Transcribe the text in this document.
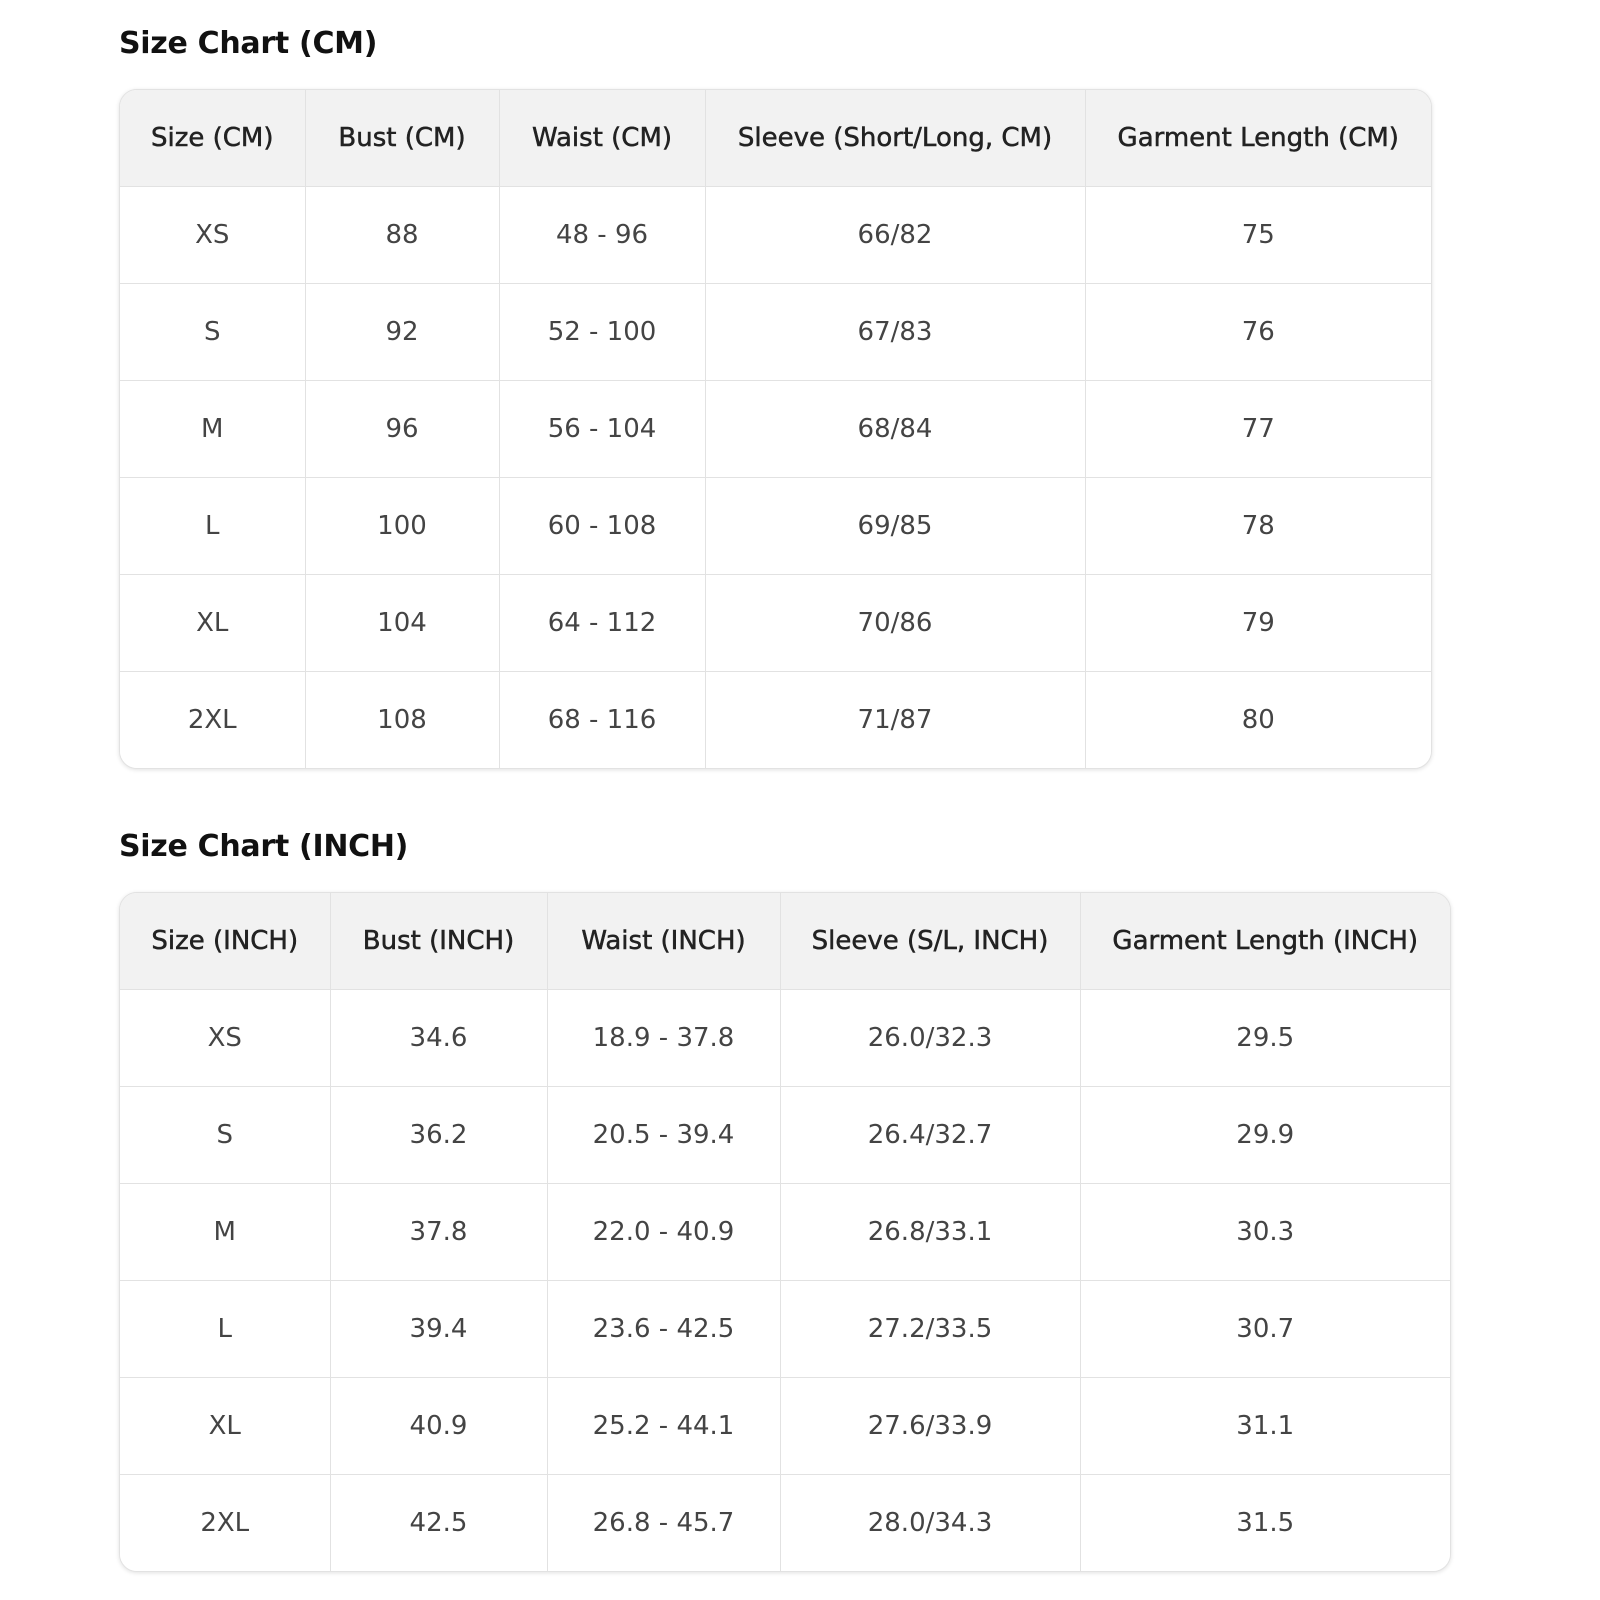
Size Chart (CM)
Size (CM)	Bust (CM)	Waist (CM)	Sleeve (Short/Long, CM)	Garment Length (CM)
XS	88	48 - 96	66/82	75
S	92	52 - 100	67/83	76
M	96	56 - 104	68/84	77
L	100	60 - 108	69/85	78
XL	104	64 - 112	70/86	79
2XL	108	68 - 116	71/87	80
Size Chart (INCH)
Size (INCH)	Bust (INCH)	Waist (INCH)	Sleeve (S/L, INCH)	Garment Length (INCH)
XS	34.6	18.9 - 37.8	26.0/32.3	29.5
S	36.2	20.5 - 39.4	26.4/32.7	29.9
M	37.8	22.0 - 40.9	26.8/33.1	30.3
L	39.4	23.6 - 42.5	27.2/33.5	30.7
XL	40.9	25.2 - 44.1	27.6/33.9	31.1
2XL	42.5	26.8 - 45.7	28.0/34.3	31.5
